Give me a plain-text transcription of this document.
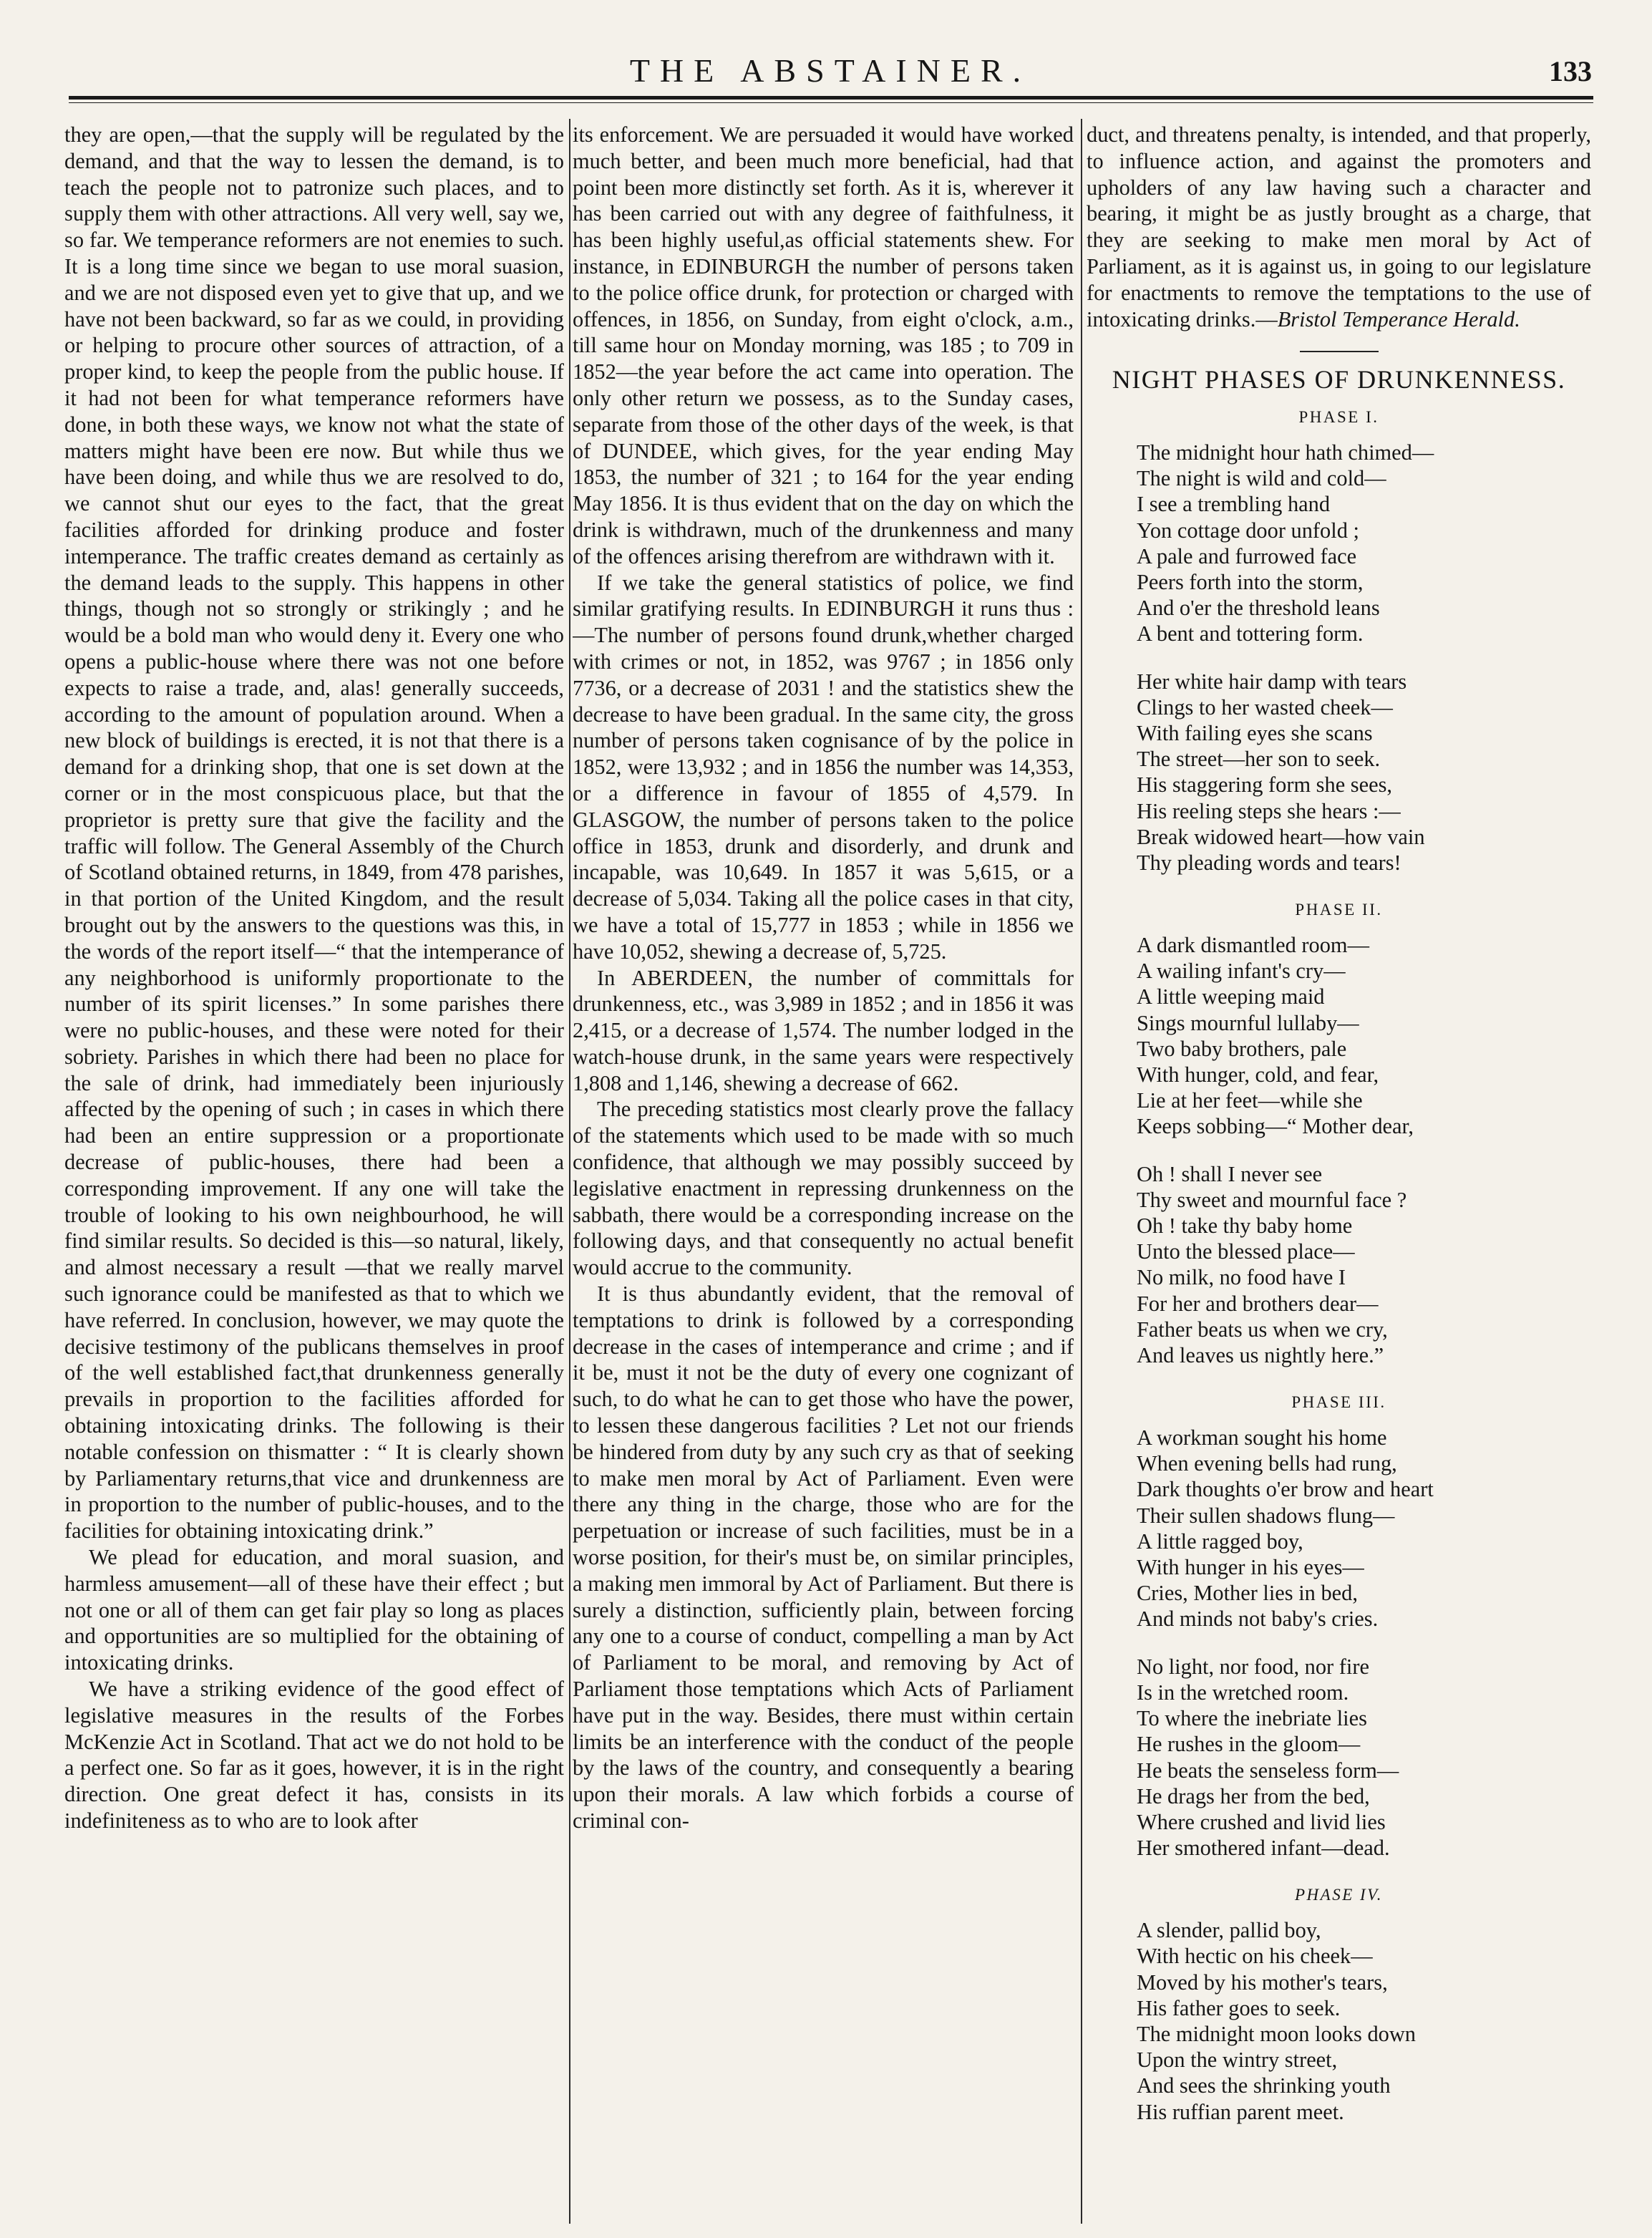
THE ABSTAINER.	133

they are open,—that the supply will be regulated by the demand, and that the way to lessen the demand, is to teach the people not to patronize such places, and to supply them with other attractions. All very well, say we, so far. We temperance reformers are not enemies to such. It is a long time since we began to use moral suasion, and we are not disposed even yet to give that up, and we have not been backward, so far as we could, in providing or helping to procure other sources of attraction, of a proper kind, to keep the people from the public house. If it had not been for what temperance reformers have done, in both these ways, we know not what the state of matters might have been ere now. But while thus we have been doing, and while thus we are resolved to do, we cannot shut our eyes to the fact, that the great facilities afforded for drinking produce and foster intemperance. The traffic creates demand as certainly as the demand leads to the supply. This happens in other things, though not so strongly or strikingly ; and he would be a bold man who would deny it. Every one who opens a public-house where there was not one before expects to raise a trade, and, alas! generally succeeds, according to the amount of population around. When a new block of buildings is erected, it is not that there is a demand for a drinking shop, that one is set down at the corner or in the most conspicuous place, but that the proprietor is pretty sure that give the facility and the traffic will follow. The General Assembly of the Church of Scotland obtained returns, in 1849, from 478 parishes, in that portion of the United Kingdom, and the result brought out by the answers to the questions was this, in the words of the report itself—“ that the intemperance of any neighborhood is uniformly proportionate to the number of its spirit licenses.” In some parishes there were no public-houses, and these were noted for their sobriety. Parishes in which there had been no place for the sale of drink, had immediately been injuriously affected by the opening of such ; in cases in which there had been an entire suppression or a proportionate decrease of public-houses, there had been a corresponding improvement. If any one will take the trouble of looking to his own neighbourhood, he will find similar results. So decided is this—so natural, likely, and almost necessary a result —that we really marvel such ignorance could be manifested as that to which we have referred. In conclusion, however, we may quote the decisive testimony of the publicans themselves in proof of the well established fact,that drunkenness generally prevails in proportion to the facilities afforded for obtaining intoxicating drinks. The following is their notable confession on thismatter : “ It is clearly shown by Parliamentary returns,that vice and drunkenness are in proportion to the number of public-houses, and to the facilities for obtaining intoxicating drink.”

We plead for education, and moral suasion, and harmless amusement—all of these have their effect ; but not one or all of them can get fair play so long as places and opportunities are so multiplied for the obtaining of intoxicating drinks.

We have a striking evidence of the good effect of legislative measures in the results of the Forbes McKenzie Act in Scotland. That act we do not hold to be a perfect one. So far as it goes, however, it is in the right direction. One great defect it has, consists in its indefiniteness as to who are to look after

its enforcement. We are persuaded it would have worked much better, and been much more beneficial, had that point been more distinctly set forth. As it is, wherever it has been carried out with any degree of faithfulness, it has been highly useful,as official statements shew. For instance, in EDINBURGH the number of persons taken to the police office drunk, for protection or charged with offences, in 1856, on Sunday, from eight o'clock, a.m., till same hour on Monday morning, was 185 ; to 709 in 1852—the year before the act came into operation. The only other return we possess, as to the Sunday cases, separate from those of the other days of the week, is that of DUNDEE, which gives, for the year ending May 1853, the number of 321 ; to 164 for the year ending May 1856. It is thus evident that on the day on which the drink is withdrawn, much of the drunkenness and many of the offences arising therefrom are withdrawn with it.

If we take the general statistics of police, we find similar gratifying results. In EDINBURGH it runs thus :—The number of persons found drunk,whether charged with crimes or not, in 1852, was 9767 ; in 1856 only 7736, or a decrease of 2031 ! and the statistics shew the decrease to have been gradual. In the same city, the gross number of persons taken cognisance of by the police in 1852, were 13,932 ; and in 1856 the number was 14,353, or a difference in favour of 1855 of 4,579. In GLASGOW, the number of persons taken to the police office in 1853, drunk and disorderly, and drunk and incapable, was 10,649. In 1857 it was 5,615, or a decrease of 5,034. Taking all the police cases in that city, we have a total of 15,777 in 1853 ; while in 1856 we have 10,052, shewing a decrease of, 5,725.

In ABERDEEN, the number of committals for drunkenness, etc., was 3,989 in 1852 ; and in 1856 it was 2,415, or a decrease of 1,574. The number lodged in the watch-house drunk, in the same years were respectively 1,808 and 1,146, shewing a decrease of 662.

The preceding statistics most clearly prove the fallacy of the statements which used to be made with so much confidence, that although we may possibly succeed by legislative enactment in repressing drunkenness on the sabbath, there would be a corresponding increase on the following days, and that consequently no actual benefit would accrue to the community.

It is thus abundantly evident, that the removal of temptations to drink is followed by a corresponding decrease in the cases of intemperance and crime ; and if it be, must it not be the duty of every one cognizant of such, to do what he can to get those who have the power, to lessen these dangerous facilities ? Let not our friends be hindered from duty by any such cry as that of seeking to make men moral by Act of Parliament. Even were there any thing in the charge, those who are for the perpetuation or increase of such facilities, must be in a worse position, for their's must be, on similar principles, a making men immoral by Act of Parliament. But there is surely a distinction, sufficiently plain, between forcing any one to a course of conduct, compelling a man by Act of Parliament to be moral, and removing by Act of Parliament those temptations which Acts of Parliament have put in the way. Besides, there must within certain limits be an interference with the conduct of the people by the laws of the country, and consequently a bearing upon their morals. A law which forbids a course of criminal con-

duct, and threatens penalty, is intended, and that properly, to influence action, and against the promoters and upholders of any law having such a character and bearing, it might be as justly brought as a charge, that they are seeking to make men moral by Act of Parliament, as it is against us, in going to our legislature for enactments to remove the temptations to the use of intoxicating drinks.—Bristol Temperance Herald.

NIGHT PHASES OF DRUNKENNESS.
PHASE I.
The midnight hour hath chimed—
The night is wild and cold—
I see a trembling hand
Yon cottage door unfold ;
A pale and furrowed face
Peers forth into the storm,
And o'er the threshold leans
A bent and tottering form.
Her white hair damp with tears
Clings to her wasted cheek—
With failing eyes she scans
The street—her son to seek.
His staggering form she sees,
His reeling steps she hears :—
Break widowed heart—how vain
Thy pleading words and tears!
PHASE II.
A dark dismantled room—
A wailing infant's cry—
A little weeping maid
Sings mournful lullaby—
Two baby brothers, pale
With hunger, cold, and fear,
Lie at her feet—while she
Keeps sobbing—“ Mother dear,
Oh ! shall I never see
Thy sweet and mournful face ?
Oh ! take thy baby home
Unto the blessed place—
No milk, no food have I
For her and brothers dear—
Father beats us when we cry,
And leaves us nightly here.”
PHASE III.
A workman sought his home
When evening bells had rung,
Dark thoughts o'er brow and heart
Their sullen shadows flung—
A little ragged boy,
With hunger in his eyes—
Cries, Mother lies in bed,
And minds not baby's cries.
No light, nor food, nor fire
Is in the wretched room.
To where the inebriate lies
He rushes in the gloom—
He beats the senseless form—
He drags her from the bed,
Where crushed and livid lies
Her smothered infant—dead.
PHASE IV.
A slender, pallid boy,
With hectic on his cheek—
Moved by his mother's tears,
His father goes to seek.
The midnight moon looks down
Upon the wintry street,
And sees the shrinking youth
His ruffian parent meet.
